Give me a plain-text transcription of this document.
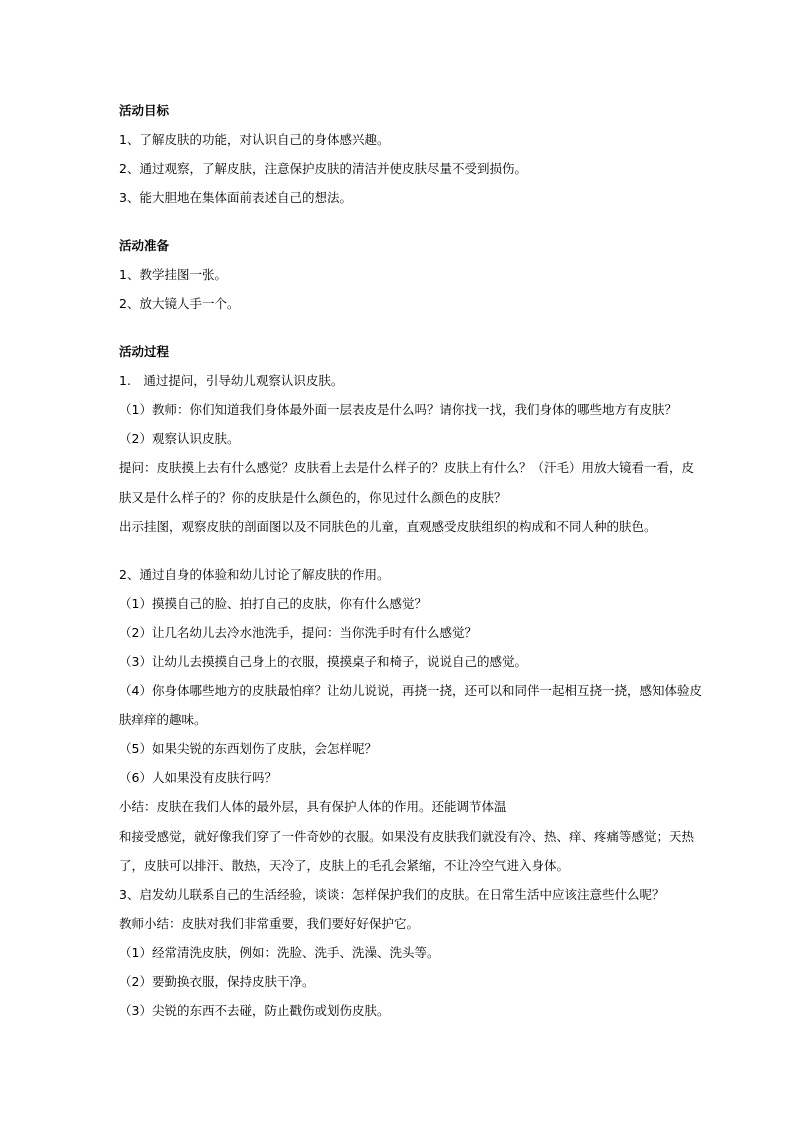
活动目标
1、了解皮肤的功能，对认识自己的身体感兴趣。
2、通过观察，了解皮肤，注意保护皮肤的清洁并使皮肤尽量不受到损伤。
3、能大胆地在集体面前表述自己的想法。
活动准备
1、教学挂图一张。
2、放大镜人手一个。
活动过程
1.　通过提问，引导幼儿观察认识皮肤。
（1）教师：你们知道我们身体最外面一层表皮是什么吗？请你找一找，我们身体的哪些地方有皮肤？
（2）观察认识皮肤。
提问：皮肤摸上去有什么感觉？皮肤看上去是什么样子的？皮肤上有什么？（汗毛）用放大镜看一看，皮
肤又是什么样子的？你的皮肤是什么颜色的，你见过什么颜色的皮肤？
出示挂图，观察皮肤的剖面图以及不同肤色的儿童，直观感受皮肤组织的构成和不同人种的肤色。
2、通过自身的体验和幼儿讨论了解皮肤的作用。
（1）摸摸自己的脸、拍打自己的皮肤，你有什么感觉？
（2）让几名幼儿去冷水池洗手，提问：当你洗手时有什么感觉？
（3）让幼儿去摸摸自己身上的衣服，摸摸桌子和椅子，说说自己的感觉。
（4）你身体哪些地方的皮肤最怕痒？让幼儿说说，再挠一挠，还可以和同伴一起相互挠一挠，感知体验皮
肤痒痒的趣味。
（5）如果尖锐的东西划伤了皮肤，会怎样呢？
（6）人如果没有皮肤行吗？
小结：皮肤在我们人体的最外层，具有保护人体的作用。还能调节体温
和接受感觉，就好像我们穿了一件奇妙的衣服。如果没有皮肤我们就没有冷、热、痒、疼痛等感觉；天热
了，皮肤可以排汗、散热，天冷了，皮肤上的毛孔会紧缩，不让冷空气进入身体。
3、启发幼儿联系自己的生活经验，谈谈：怎样保护我们的皮肤。在日常生活中应该注意些什么呢？
教师小结：皮肤对我们非常重要，我们要好好保护它。
（1）经常清洗皮肤，例如：洗脸、洗手、洗澡、洗头等。
（2）要勤换衣服，保持皮肤干净。
（3）尖锐的东西不去碰，防止戳伤或划伤皮肤。
